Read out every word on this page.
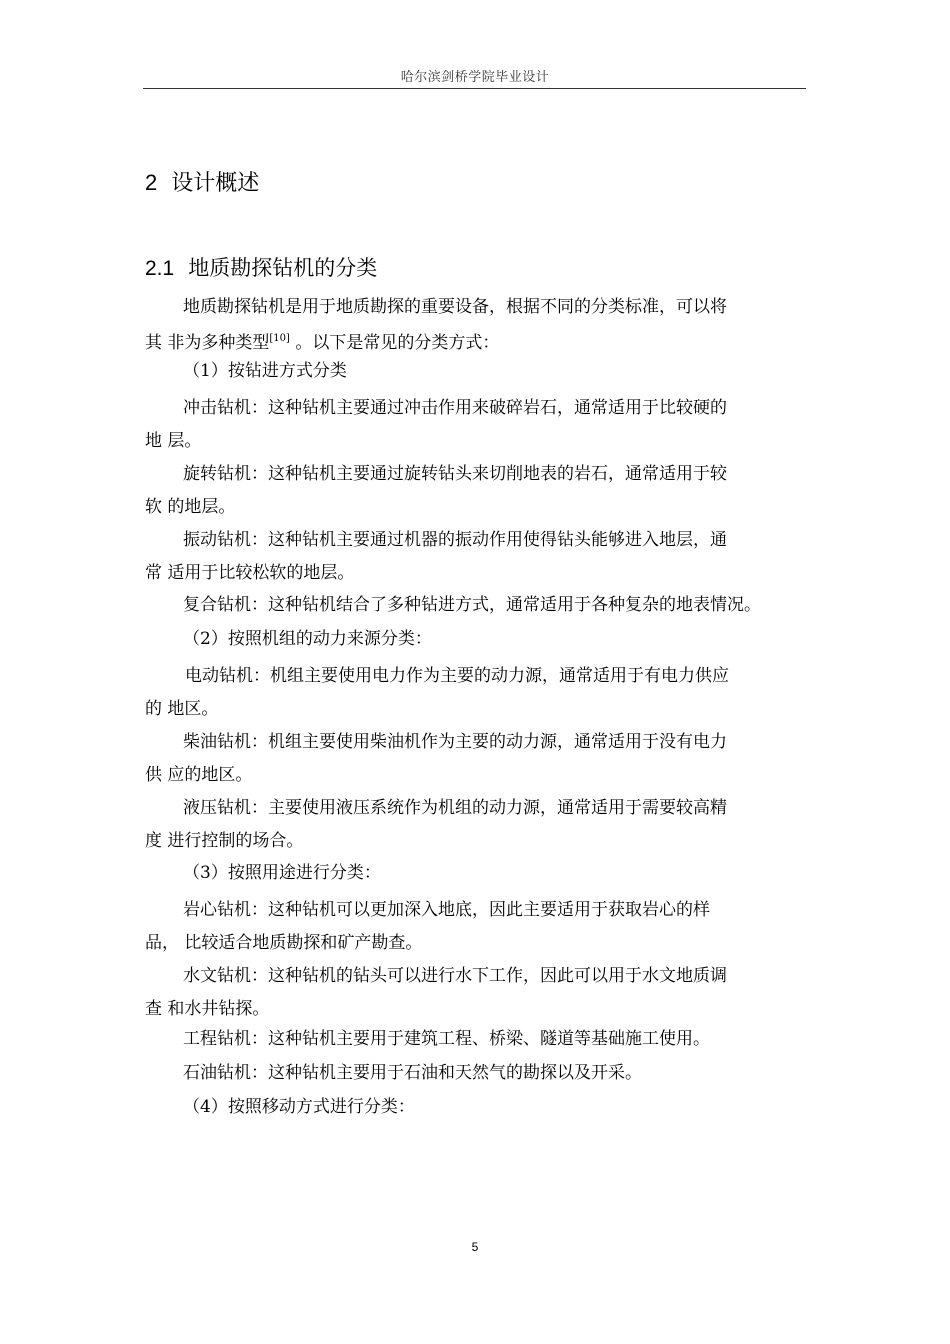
哈尔滨剑桥学院毕业设计
2 设计概述
2.1 地质勘探钻机的分类
地质勘探钻机是用于地质勘探的重要设备，根据不同的分类标准，可以将
其 非为多种类型[10] 。以下是常见的分类方式：
（1）按钻进方式分类
冲击钻机：这种钻机主要通过冲击作用来破碎岩石，通常适用于比较硬的
地 层。
旋转钻机：这种钻机主要通过旋转钻头来切削地表的岩石，通常适用于较
软 的地层。
振动钻机：这种钻机主要通过机器的振动作用使得钻头能够进入地层，通
常 适用于比较松软的地层。
复合钻机：这种钻机结合了多种钻进方式，通常适用于各种复杂的地表情况。
（2）按照机组的动力来源分类：
电动钻机：机组主要使用电力作为主要的动力源，通常适用于有电力供应
的 地区。
柴油钻机：机组主要使用柴油机作为主要的动力源，通常适用于没有电力
供 应的地区。
液压钻机：主要使用液压系统作为机组的动力源，通常适用于需要较高精
度 进行控制的场合。
（3）按照用途进行分类：
岩心钻机：这种钻机可以更加深入地底，因此主要适用于获取岩心的样
品， 比较适合地质勘探和矿产勘查。
水文钻机：这种钻机的钻头可以进行水下工作，因此可以用于水文地质调
查 和水井钻探。
工程钻机：这种钻机主要用于建筑工程、桥梁、隧道等基础施工使用。
石油钻机：这种钻机主要用于石油和天然气的勘探以及开采。
（4）按照移动方式进行分类：
5
